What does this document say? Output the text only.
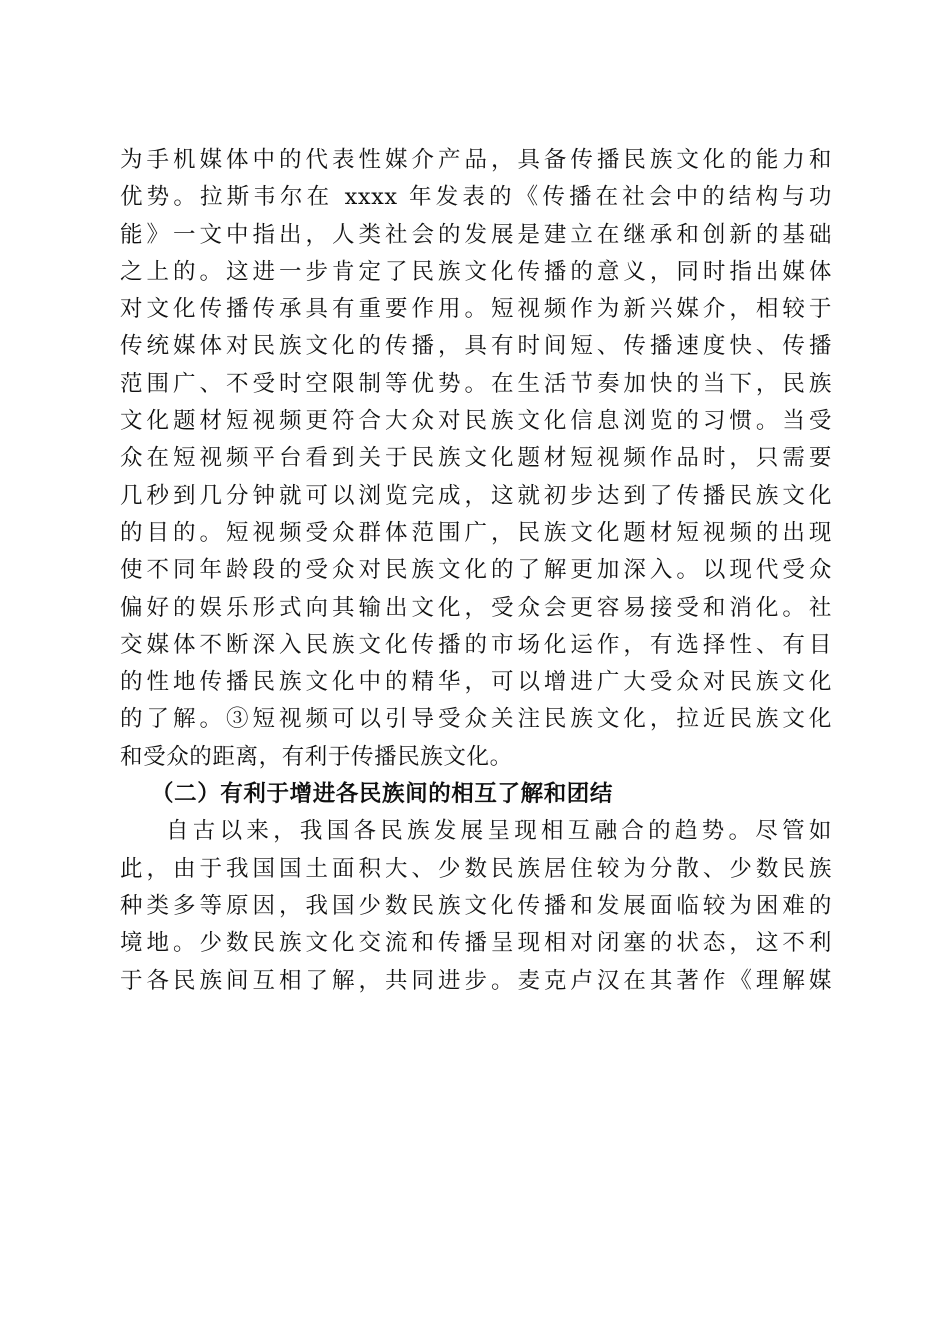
为手机媒体中的代表性媒介产品，具备传播民族文化的能力和

优势。拉斯韦尔在 xxxx 年发表的《传播在社会中的结构与功

能》一文中指出，人类社会的发展是建立在继承和创新的基础

之上的。这进一步肯定了民族文化传播的意义，同时指出媒体

对文化传播传承具有重要作用。短视频作为新兴媒介，相较于

传统媒体对民族文化的传播，具有时间短、传播速度快、传播

范围广、不受时空限制等优势。在生活节奏加快的当下，民族

文化题材短视频更符合大众对民族文化信息浏览的习惯。当受

众在短视频平台看到关于民族文化题材短视频作品时，只需要

几秒到几分钟就可以浏览完成，这就初步达到了传播民族文化

的目的。短视频受众群体范围广，民族文化题材短视频的出现

使不同年龄段的受众对民族文化的了解更加深入。以现代受众

偏好的娱乐形式向其输出文化，受众会更容易接受和消化。社

交媒体不断深入民族文化传播的市场化运作，有选择性、有目

的性地传播民族文化中的精华，可以增进广大受众对民族文化

的了解。③短视频可以引导受众关注民族文化，拉近民族文化

和受众的距离，有利于传播民族文化。

（二）有利于增进各民族间的相互了解和团结

自古以来，我国各民族发展呈现相互融合的趋势。尽管如

此，由于我国国土面积大、少数民族居住较为分散、少数民族

种类多等原因，我国少数民族文化传播和发展面临较为困难的

境地。少数民族文化交流和传播呈现相对闭塞的状态，这不利

于各民族间互相了解，共同进步。麦克卢汉在其著作《理解媒
